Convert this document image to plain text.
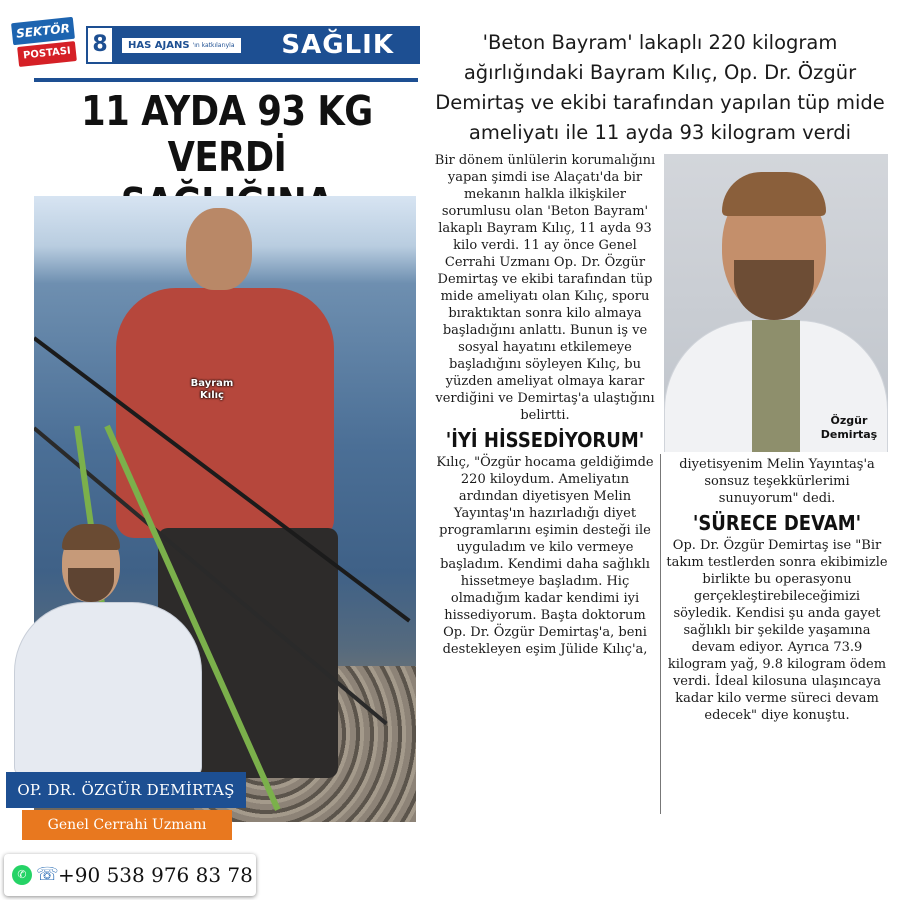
SEKTÖR
POSTASI 8	HAS AJANS 'ın katkılarıyla SAĞLIK
11 AYDA 93 KG VERDİ
Bayram
Kılıç
OP. DR. ÖZGÜR DEMİRTAŞ
Genel Cerrahi Uzmanı
✆ ☏ +90 538 976 83 78
'Beton Bayram' lakaplı 220 kilogram ağırlığındaki Bayram Kılıç, Op. Dr. Özgür Demirtaş ve ekibi tarafından yapılan tüp mide ameliyatı ile 11 ayda 93 kilogram verdi

Bir dönem ünlülerin korumalığını yapan şimdi ise Alaçatı'da bir mekanın halkla ilkişkiler sorumlusu olan 'Beton Bayram' lakaplı Bayram Kılıç, 11 ayda 93 kilo verdi. 11 ay önce Genel Cerrahi Uzmanı Op. Dr. Özgür Demirtaş ve ekibi tarafından tüp mide ameliyatı olan Kılıç, sporu bıraktıktan sonra kilo almaya başladığını anlattı. Bunun iş ve sosyal hayatını etkilemeye başladığını söyleyen Kılıç, bu yüzden ameliyat olmaya karar verdiğini ve Demirtaş'a ulaştığını belirtti.

'İYİ HİSSEDİYORUM'

Kılıç, "Özgür hocama geldiğimde 220 kiloydum. Ameliyatın ardından diyetisyen Melin Yayıntaş'ın hazırladığı diyet programlarını eşimin desteği ile uyguladım ve kilo vermeye başladım. Kendimi daha sağlıklı hissetmeye başladım. Hiç olmadığım kadar kendimi iyi hissediyorum. Başta doktorum Op. Dr. Özgür Demirtaş'a, beni destekleyen eşim Jülide Kılıç'a,

Özgür
Demirtaş

diyetisyenim Melin Yayıntaş'a sonsuz teşekkürlerimi sunuyorum" dedi.

'SÜRECE DEVAM'

Op. Dr. Özgür Demirtaş ise "Bir takım testlerden sonra ekibimizle birlikte bu operasyonu gerçekleştirebileceğimizi söyledik. Kendisi şu anda gayet sağlıklı bir şekilde yaşamına devam ediyor. Ayrıca 73.9 kilogram yağ, 9.8 kilogram ödem verdi. İdeal kilosuna ulaşıncaya kadar kilo verme süreci devam edecek" diye konuştu.
